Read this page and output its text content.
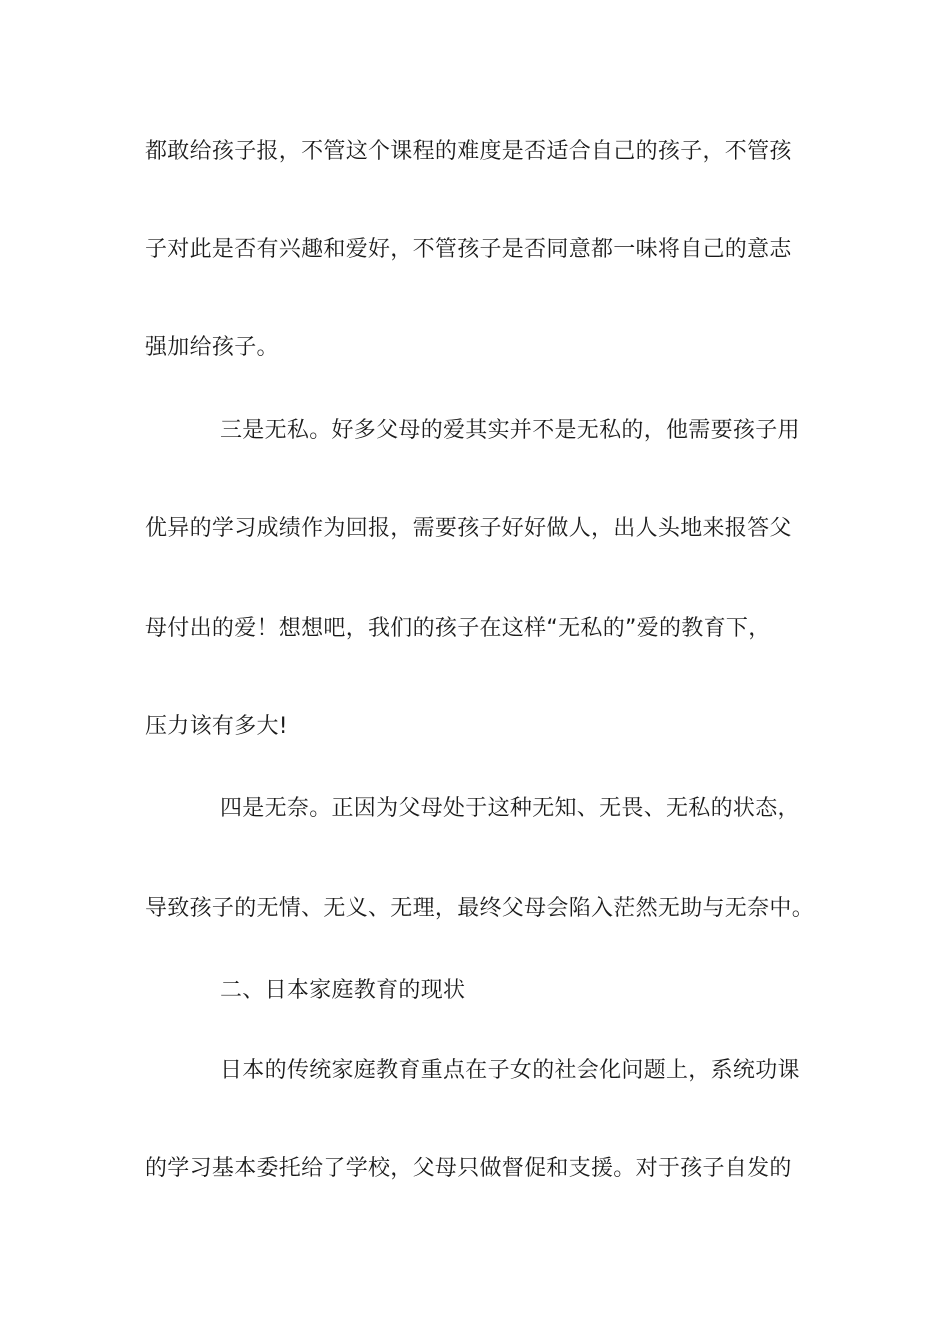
都敢给孩子报，不管这个课程的难度是否适合自己的孩子，不管孩
子对此是否有兴趣和爱好，不管孩子是否同意都一味将自己的意志
强加给孩子。
三是无私。好多父母的爱其实并不是无私的，他需要孩子用
优异的学习成绩作为回报，需要孩子好好做人，出人头地来报答父
母付出的爱！想想吧，我们的孩子在这样“无私的”爱的教育下，
压力该有多大!
四是无奈。正因为父母处于这种无知、无畏、无私的状态，
导致孩子的无情、无义、无理，最终父母会陷入茫然无助与无奈中。
二、日本家庭教育的现状
日本的传统家庭教育重点在子女的社会化问题上，系统功课
的学习基本委托给了学校，父母只做督促和支援。对于孩子自发的
